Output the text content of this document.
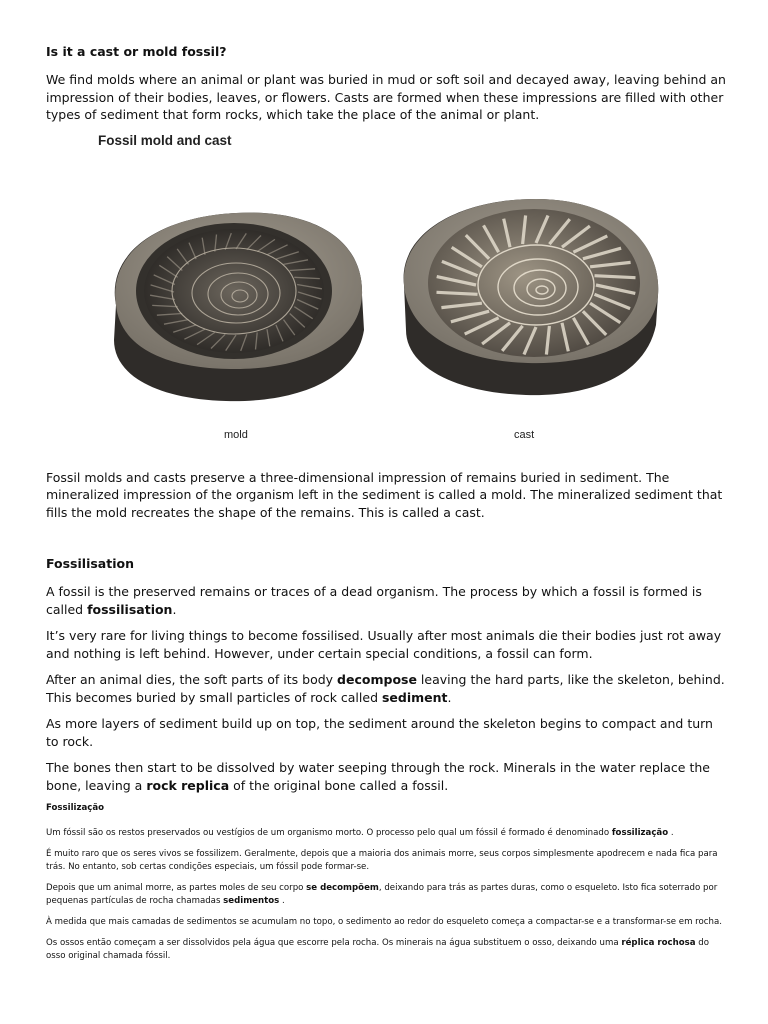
Is it a cast or mold fossil?
We find molds where an animal or plant was buried in mud or soft soil and decayed away, leaving behind an impression of their bodies, leaves, or flowers. Casts are formed when these impressions are filled with other types of sediment that form rocks, which take the place of the animal or plant.
Fossil mold and cast
mold	cast
Fossil molds and casts preserve a three-dimensional impression of remains buried in sediment. The mineralized impression of the organism left in the sediment is called a mold. The mineralized sediment that fills the mold recreates the shape of the remains. This is called a cast.
Fossilisation
A fossil is the preserved remains or traces of a dead organism. The process by which a fossil is formed is called fossilisation.
It’s very rare for living things to become fossilised. Usually after most animals die their bodies just rot away and nothing is left behind. However, under certain special conditions, a fossil can form.
After an animal dies, the soft parts of its body decompose leaving the hard parts, like the skeleton, behind. This becomes buried by small particles of rock called sediment.
As more layers of sediment build up on top, the sediment around the skeleton begins to compact and turn to rock.
The bones then start to be dissolved by water seeping through the rock. Minerals in the water replace the bone, leaving a rock replica of the original bone called a fossil.
Fossilização
Um fóssil são os restos preservados ou vestígios de um organismo morto. O processo pelo qual um fóssil é formado é denominado fossilização .
É muito raro que os seres vivos se fossilizem. Geralmente, depois que a maioria dos animais morre, seus corpos simplesmente apodrecem e nada fica para trás. No entanto, sob certas condições especiais, um fóssil pode formar-se.
Depois que um animal morre, as partes moles de seu corpo se decompõem, deixando para trás as partes duras, como o esqueleto. Isto fica soterrado por pequenas partículas de rocha chamadas sedimentos .
À medida que mais camadas de sedimentos se acumulam no topo, o sedimento ao redor do esqueleto começa a compactar-se e a transformar-se em rocha.
Os ossos então começam a ser dissolvidos pela água que escorre pela rocha. Os minerais na água substituem o osso, deixando uma réplica rochosa do osso original chamada fóssil.
